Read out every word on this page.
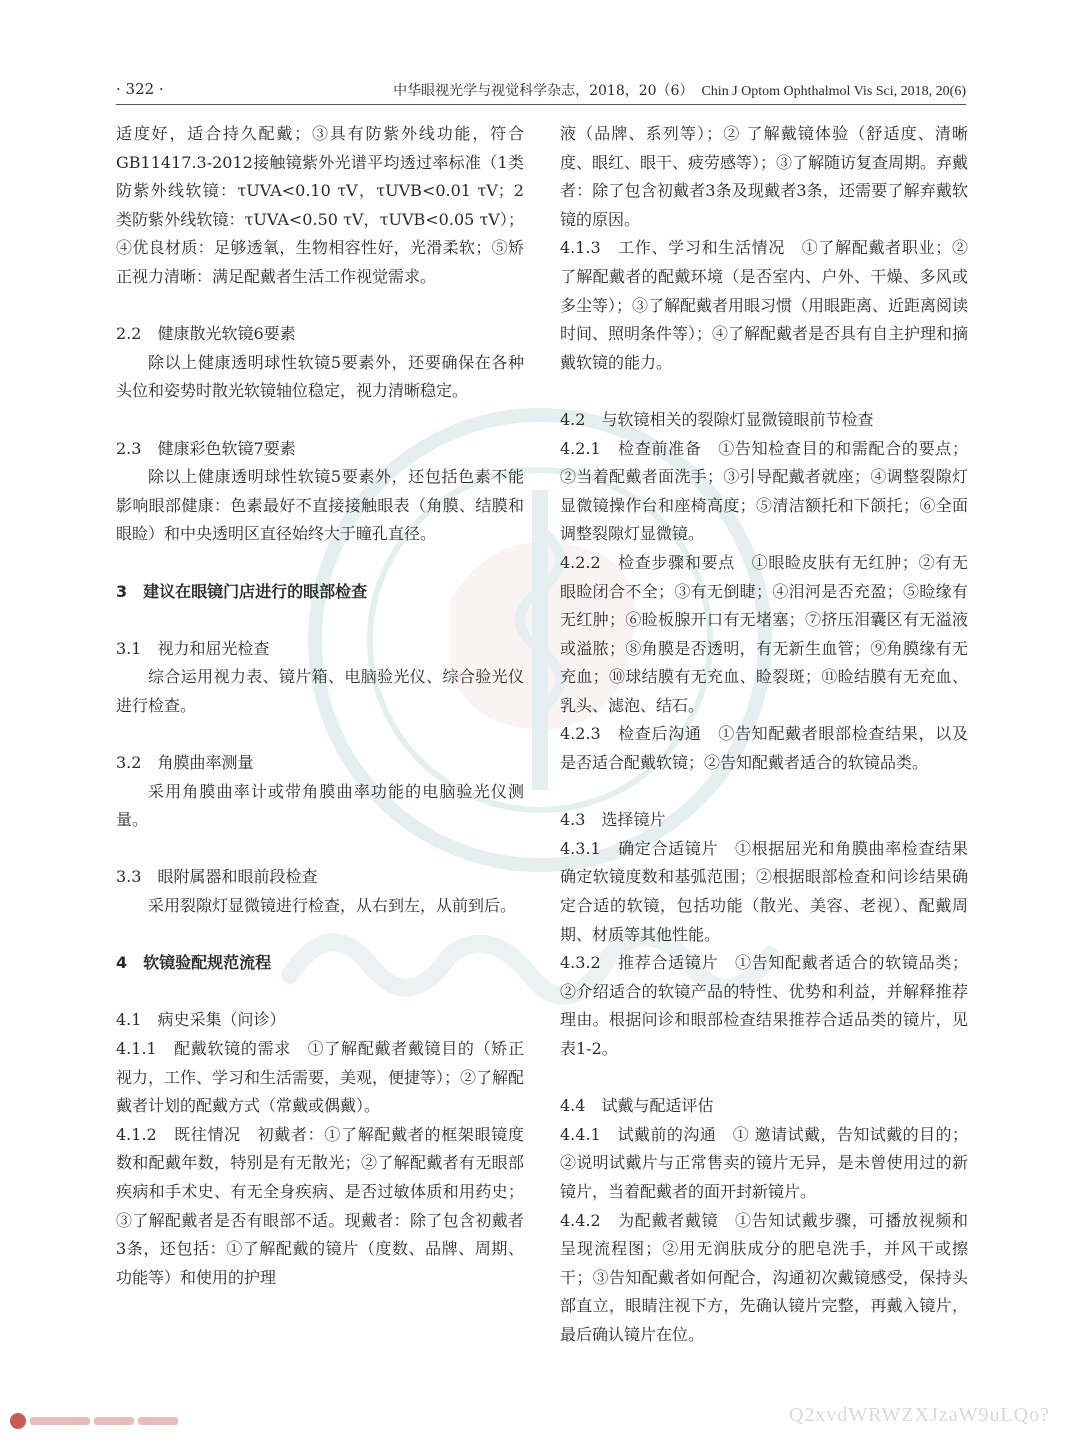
· 322 ·	中华眼视光学与视觉科学杂志，2018，20（6） Chin J Optom Ophthalmol Vis Sci, 2018, 20(6)

适度好，适合持久配戴；③具有防紫外线功能，符合GB11417.3-2012接触镜紫外光谱平均透过率标准（1类防紫外线软镜：τUVA<0.10 τV，τUVB<0.01 τV；2类防紫外线软镜：τUVA<0.50 τV，τUVB<0.05 τV）；④优良材质：足够透氧，生物相容性好，光滑柔软；⑤矫正视力清晰：满足配戴者生活工作视觉需求。

2.2　健康散光软镜6要素

除以上健康透明球性软镜5要素外，还要确保在各种头位和姿势时散光软镜轴位稳定，视力清晰稳定。

2.3　健康彩色软镜7要素

除以上健康透明球性软镜5要素外，还包括色素不能影响眼部健康：色素最好不直接接触眼表（角膜、结膜和眼睑）和中央透明区直径始终大于瞳孔直径。

3　建议在眼镜门店进行的眼部检查

3.1　视力和屈光检查

综合运用视力表、镜片箱、电脑验光仪、综合验光仪进行检查。

3.2　角膜曲率测量

采用角膜曲率计或带角膜曲率功能的电脑验光仪测量。

3.3　眼附属器和眼前段检查

采用裂隙灯显微镜进行检查，从右到左，从前到后。

4　软镜验配规范流程

4.1　病史采集（问诊）

4.1.1　配戴软镜的需求　①了解配戴者戴镜目的（矫正视力，工作、学习和生活需要，美观，便捷等）；②了解配戴者计划的配戴方式（常戴或偶戴）。

4.1.2　既往情况　初戴者：①了解配戴者的框架眼镜度数和配戴年数，特别是有无散光；②了解配戴者有无眼部疾病和手术史、有无全身疾病、是否过敏体质和用药史；③了解配戴者是否有眼部不适。现戴者：除了包含初戴者3条，还包括：①了解配戴的镜片（度数、品牌、周期、功能等）和使用的护理

液（品牌、系列等）；② 了解戴镜体验（舒适度、清晰度、眼红、眼干、疲劳感等）；③了解随访复查周期。弃戴者：除了包含初戴者3条及现戴者3条，还需要了解弃戴软镜的原因。

4.1.3　工作、学习和生活情况　①了解配戴者职业；②了解配戴者的配戴环境（是否室内、户外、干燥、多风或多尘等）；③了解配戴者用眼习惯（用眼距离、近距离阅读时间、照明条件等）；④了解配戴者是否具有自主护理和摘戴软镜的能力。

4.2　与软镜相关的裂隙灯显微镜眼前节检查

4.2.1　检查前准备　①告知检查目的和需配合的要点；②当着配戴者面洗手；③引导配戴者就座；④调整裂隙灯显微镜操作台和座椅高度；⑤清洁额托和下颌托；⑥全面调整裂隙灯显微镜。

4.2.2　检查步骤和要点　①眼睑皮肤有无红肿；②有无眼睑闭合不全；③有无倒睫；④泪河是否充盈；⑤睑缘有无红肿；⑥睑板腺开口有无堵塞；⑦挤压泪囊区有无溢液或溢脓；⑧角膜是否透明，有无新生血管；⑨角膜缘有无充血；⑩球结膜有无充血、睑裂斑；⑪睑结膜有无充血、乳头、滤泡、结石。

4.2.3　检查后沟通　①告知配戴者眼部检查结果，以及是否适合配戴软镜；②告知配戴者适合的软镜品类。

4.3　选择镜片

4.3.1　确定合适镜片　①根据屈光和角膜曲率检查结果确定软镜度数和基弧范围；②根据眼部检查和问诊结果确定合适的软镜，包括功能（散光、美容、老视）、配戴周期、材质等其他性能。

4.3.2　推荐合适镜片　①告知配戴者适合的软镜品类；②介绍适合的软镜产品的特性、优势和利益，并解释推荐理由。根据问诊和眼部检查结果推荐合适品类的镜片，见表1-2。

4.4　试戴与配适评估

4.4.1　试戴前的沟通　① 邀请试戴，告知试戴的目的；②说明试戴片与正常售卖的镜片无异，是未曾使用过的新镜片，当着配戴者的面开封新镜片。

4.4.2　为配戴者戴镜　①告知试戴步骤，可播放视频和呈现流程图；②用无润肤成分的肥皂洗手，并风干或擦干；③告知配戴者如何配合，沟通初次戴镜感受，保持头部直立，眼睛注视下方，先确认镜片完整，再戴入镜片，最后确认镜片在位。

Q2xvdWRWZXJzaW9uLQo?
